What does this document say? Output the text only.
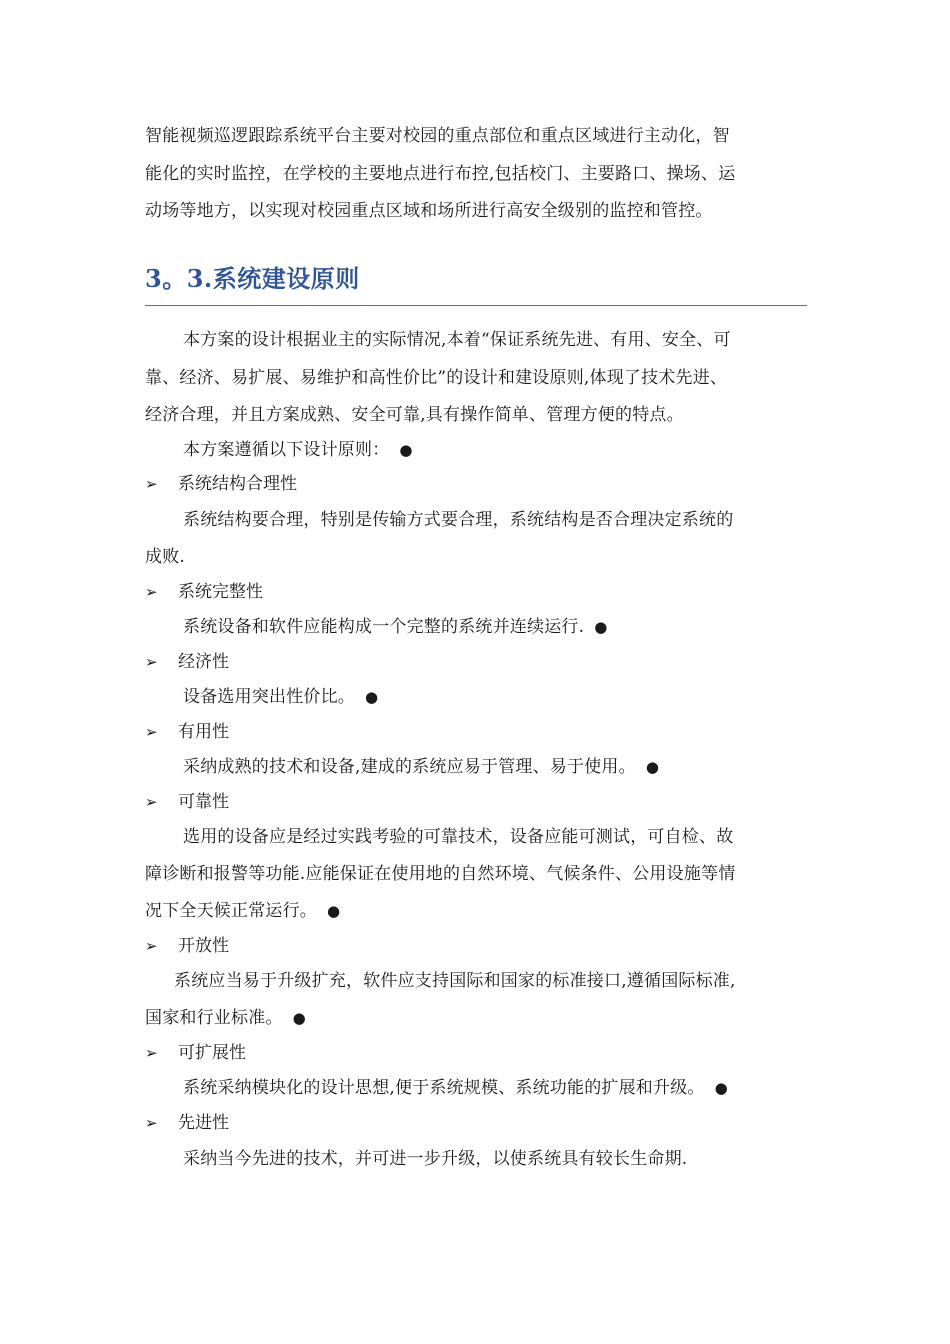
智能视频巡逻跟踪系统平台主要对校园的重点部位和重点区域进行主动化，智
能化的实时监控，在学校的主要地点进行布控,包括校门、主要路口、操场、运
动场等地方，以实现对校园重点区域和场所进行高安全级别的监控和管控。
3。3.系统建设原则
本方案的设计根据业主的实际情况,本着“保证系统先进、有用、安全、可
靠、经济、易扩展、易维护和高性价比”的设计和建设原则,体现了技术先进、
经济合理，并且方案成熟、安全可靠,具有操作简单、管理方便的特点。
本方案遵循以下设计原则： ●
➢ 系统结构合理性
系统结构要合理，特别是传输方式要合理，系统结构是否合理决定系统的
成败.
➢ 系统完整性
系统设备和软件应能构成一个完整的系统并连续运行. ●
➢ 经济性
设备选用突出性价比。 ●
➢ 有用性
采纳成熟的技术和设备,建成的系统应易于管理、易于使用。 ●
➢ 可靠性
选用的设备应是经过实践考验的可靠技术，设备应能可测试，可自检、故
障诊断和报警等功能.应能保证在使用地的自然环境、气候条件、公用设施等情
况下全天候正常运行。 ●
➢ 开放性
系统应当易于升级扩充，软件应支持国际和国家的标准接口,遵循国际标准,
国家和行业标准。 ●
➢ 可扩展性
系统采纳模块化的设计思想,便于系统规模、系统功能的扩展和升级。 ●
➢ 先进性
采纳当今先进的技术，并可进一步升级，以使系统具有较长生命期.
